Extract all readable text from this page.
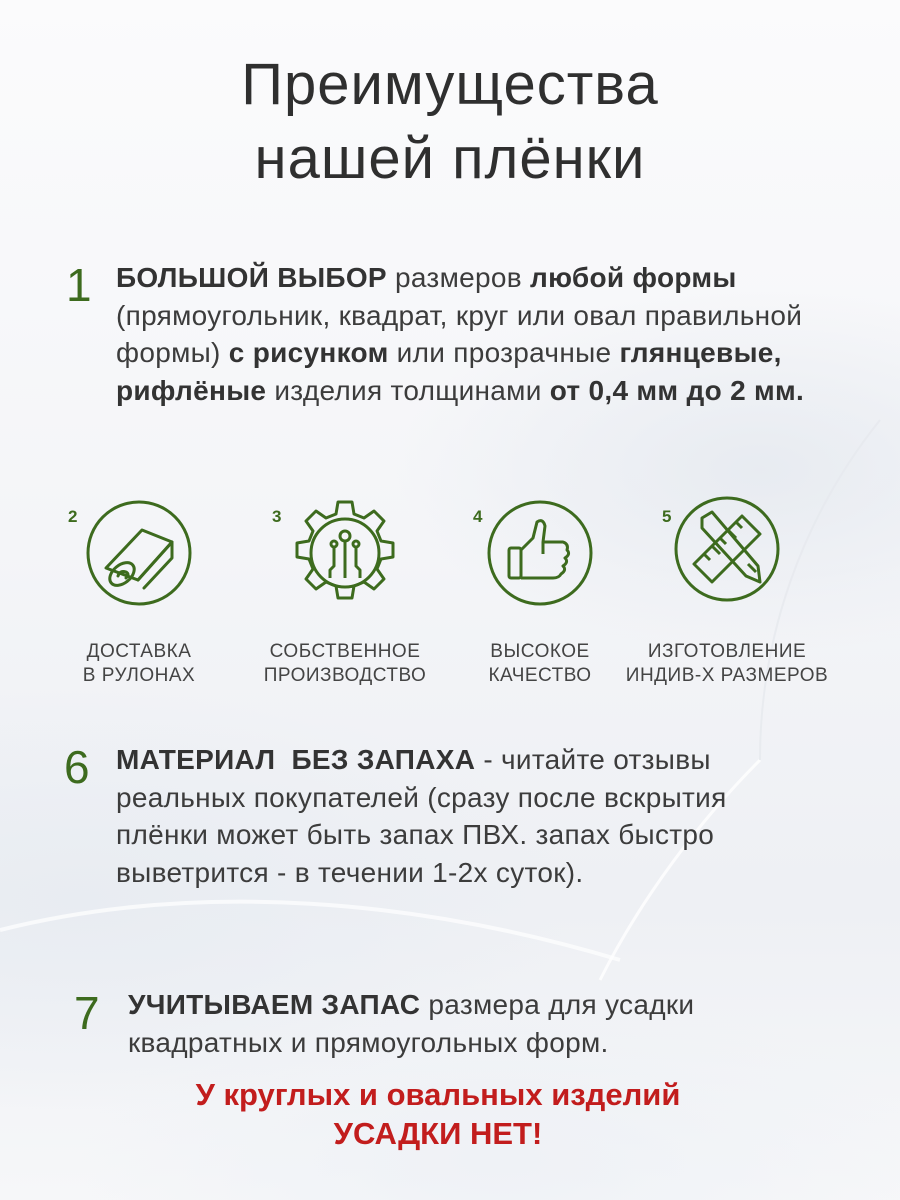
Преимущества
нашей плёнки
1 БОЛЬШОЙ ВЫБОР размеров любой формы (прямоугольник, квадрат, круг или овал правильной формы) с рисунком или прозрачные глянцевые, рифлёные изделия толщинами от 0,4 мм до 2 мм.
2
ДОСТАВКА
В РУЛОНАХ
3
СОБСТВЕННОЕ
ПРОИЗВОДСТВО
4
ВЫСОКОЕ
КАЧЕСТВО
5
ИЗГОТОВЛЕНИЕ
ИНДИВ-Х РАЗМЕРОВ
6 МАТЕРИАЛ  БЕЗ ЗАПАХА - читайте отзывы реальных покупателей (сразу после вскрытия плёнки может быть запах ПВХ. запах быстро выветрится - в течении 1-2х суток).
7 УЧИТЫВАЕМ ЗАПАС размера для усадки квадратных и прямоугольных форм.
У круглых и овальных изделий
УСАДКИ НЕТ!
